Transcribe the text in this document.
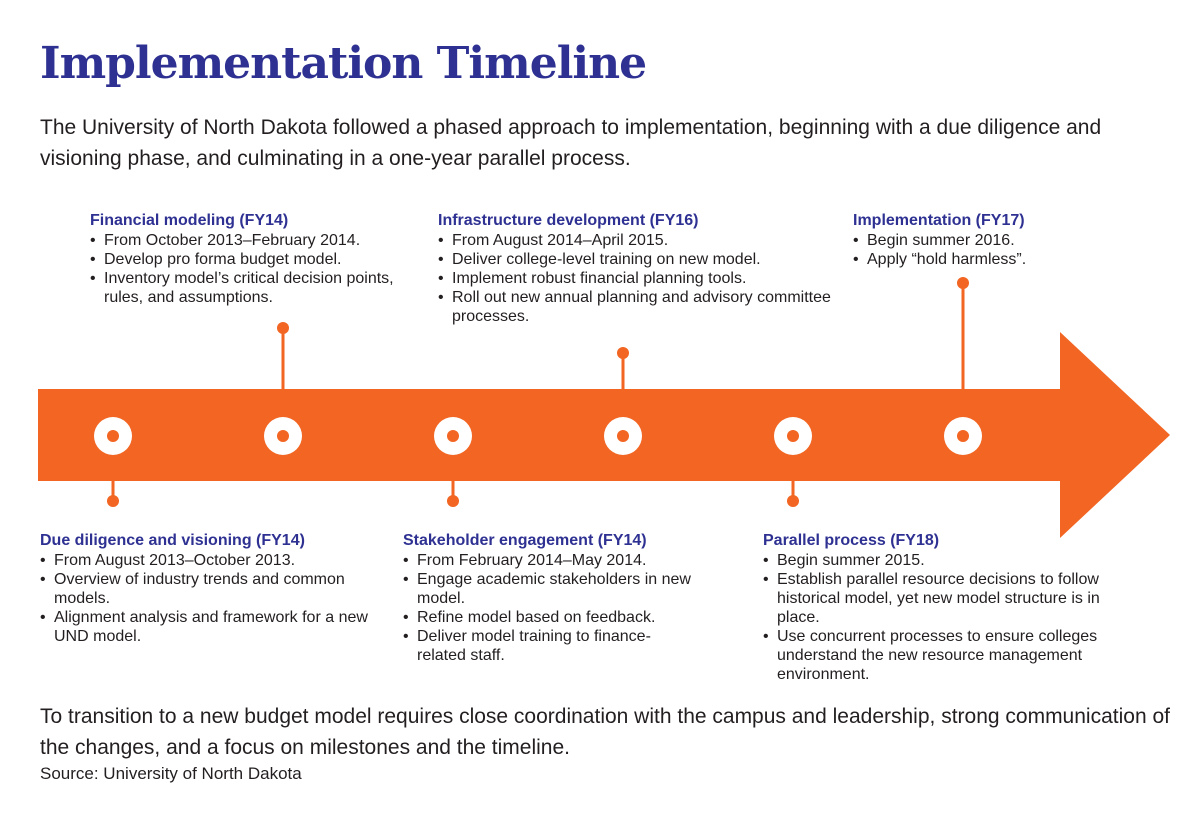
Implementation Timeline

The University of North Dakota followed a phased approach to implementation, beginning with a due diligence and visioning phase, and culminating in a one-year parallel process.

Due diligence and visioning (FY14)
• From August 2013–October 2013.
• Overview of industry trends and common models.
• Alignment analysis and framework for a new UND model.
Financial modeling (FY14)
• From October 2013–February 2014.
• Develop pro forma budget model.
• Inventory model’s critical decision points, rules, and assumptions.
Stakeholder engagement (FY14)
• From February 2014–May 2014.
• Engage academic stakeholders in new model.
• Refine model based on feedback.
• Deliver model training to finance-related staff.
Infrastructure development (FY16)
• From August 2014–April 2015.
• Deliver college-level training on new model.
• Implement robust financial planning tools.
• Roll out new annual planning and advisory committee processes.
Parallel process (FY18)
• Begin summer 2015.
• Establish parallel resource decisions to follow historical model, yet new model structure is in place.
• Use concurrent processes to ensure colleges understand the new resource management environment.
Implementation (FY17)
• Begin summer 2016.
• Apply “hold harmless”.

To transition to a new budget model requires close coordination with the campus and leadership, strong communication of the changes, and a focus on milestones and the timeline.

Source: University of North Dakota
